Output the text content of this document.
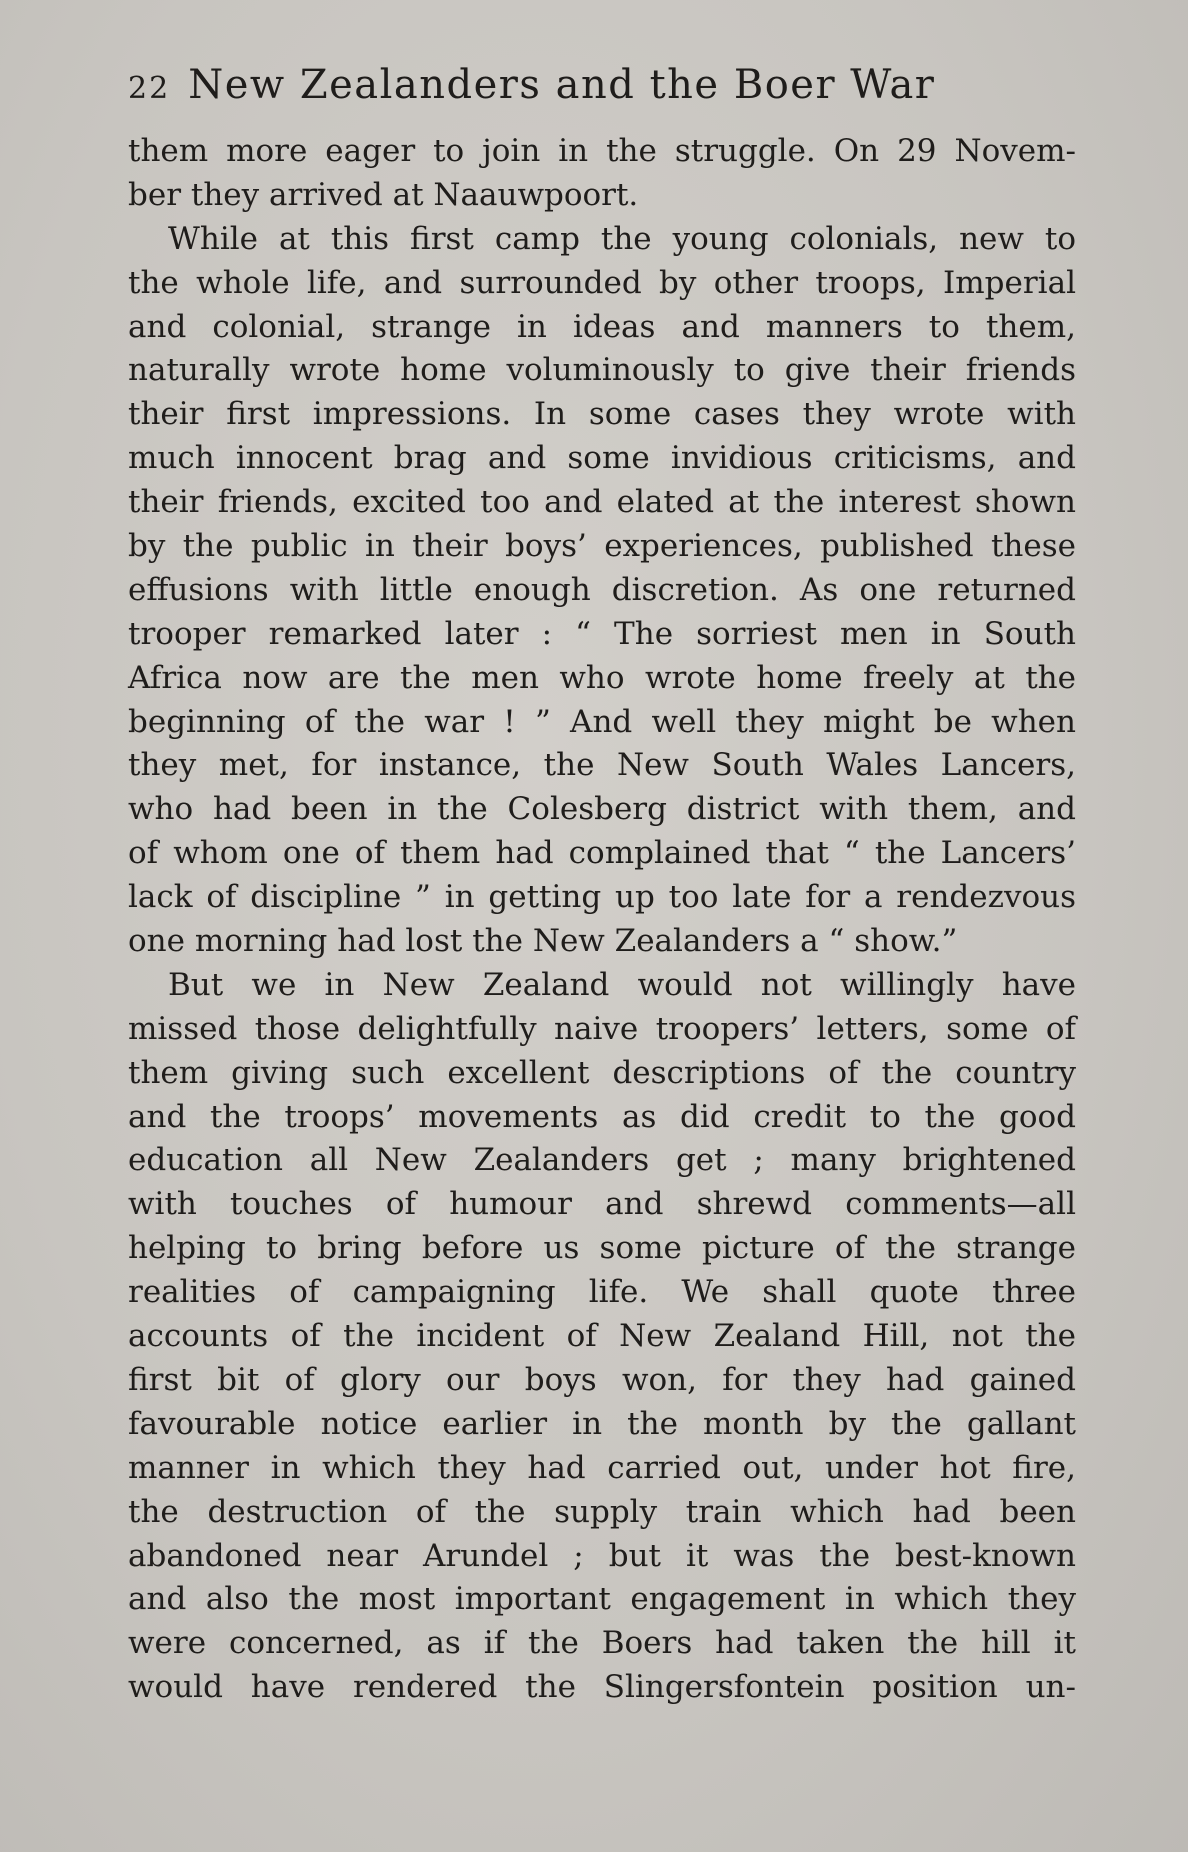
22 New Zealanders and the Boer War
them more eager to join in the struggle. On 29 Novem-
ber they arrived at Naauwpoort.
While at this first camp the young colonials, new to
the whole life, and surrounded by other troops, Imperial
and colonial, strange in ideas and manners to them,
naturally wrote home voluminously to give their friends
their first impressions. In some cases they wrote with
much innocent brag and some invidious criticisms, and
their friends, excited too and elated at the interest shown
by the public in their boys’ experiences, published these
effusions with little enough discretion. As one returned
trooper remarked later : “ The sorriest men in South
Africa now are the men who wrote home freely at the
beginning of the war ! ” And well they might be when
they met, for instance, the New South Wales Lancers,
who had been in the Colesberg district with them, and
of whom one of them had complained that “ the Lancers’
lack of discipline ” in getting up too late for a rendezvous
one morning had lost the New Zealanders a “ show.”
But we in New Zealand would not willingly have
missed those delightfully naive troopers’ letters, some of
them giving such excellent descriptions of the country
and the troops’ movements as did credit to the good
education all New Zealanders get ; many brightened
with touches of humour and shrewd comments—all
helping to bring before us some picture of the strange
realities of campaigning life. We shall quote three
accounts of the incident of New Zealand Hill, not the
first bit of glory our boys won, for they had gained
favourable notice earlier in the month by the gallant
manner in which they had carried out, under hot fire,
the destruction of the supply train which had been
abandoned near Arundel ; but it was the best-known
and also the most important engagement in which they
were concerned, as if the Boers had taken the hill it
would have rendered the Slingersfontein position un-
